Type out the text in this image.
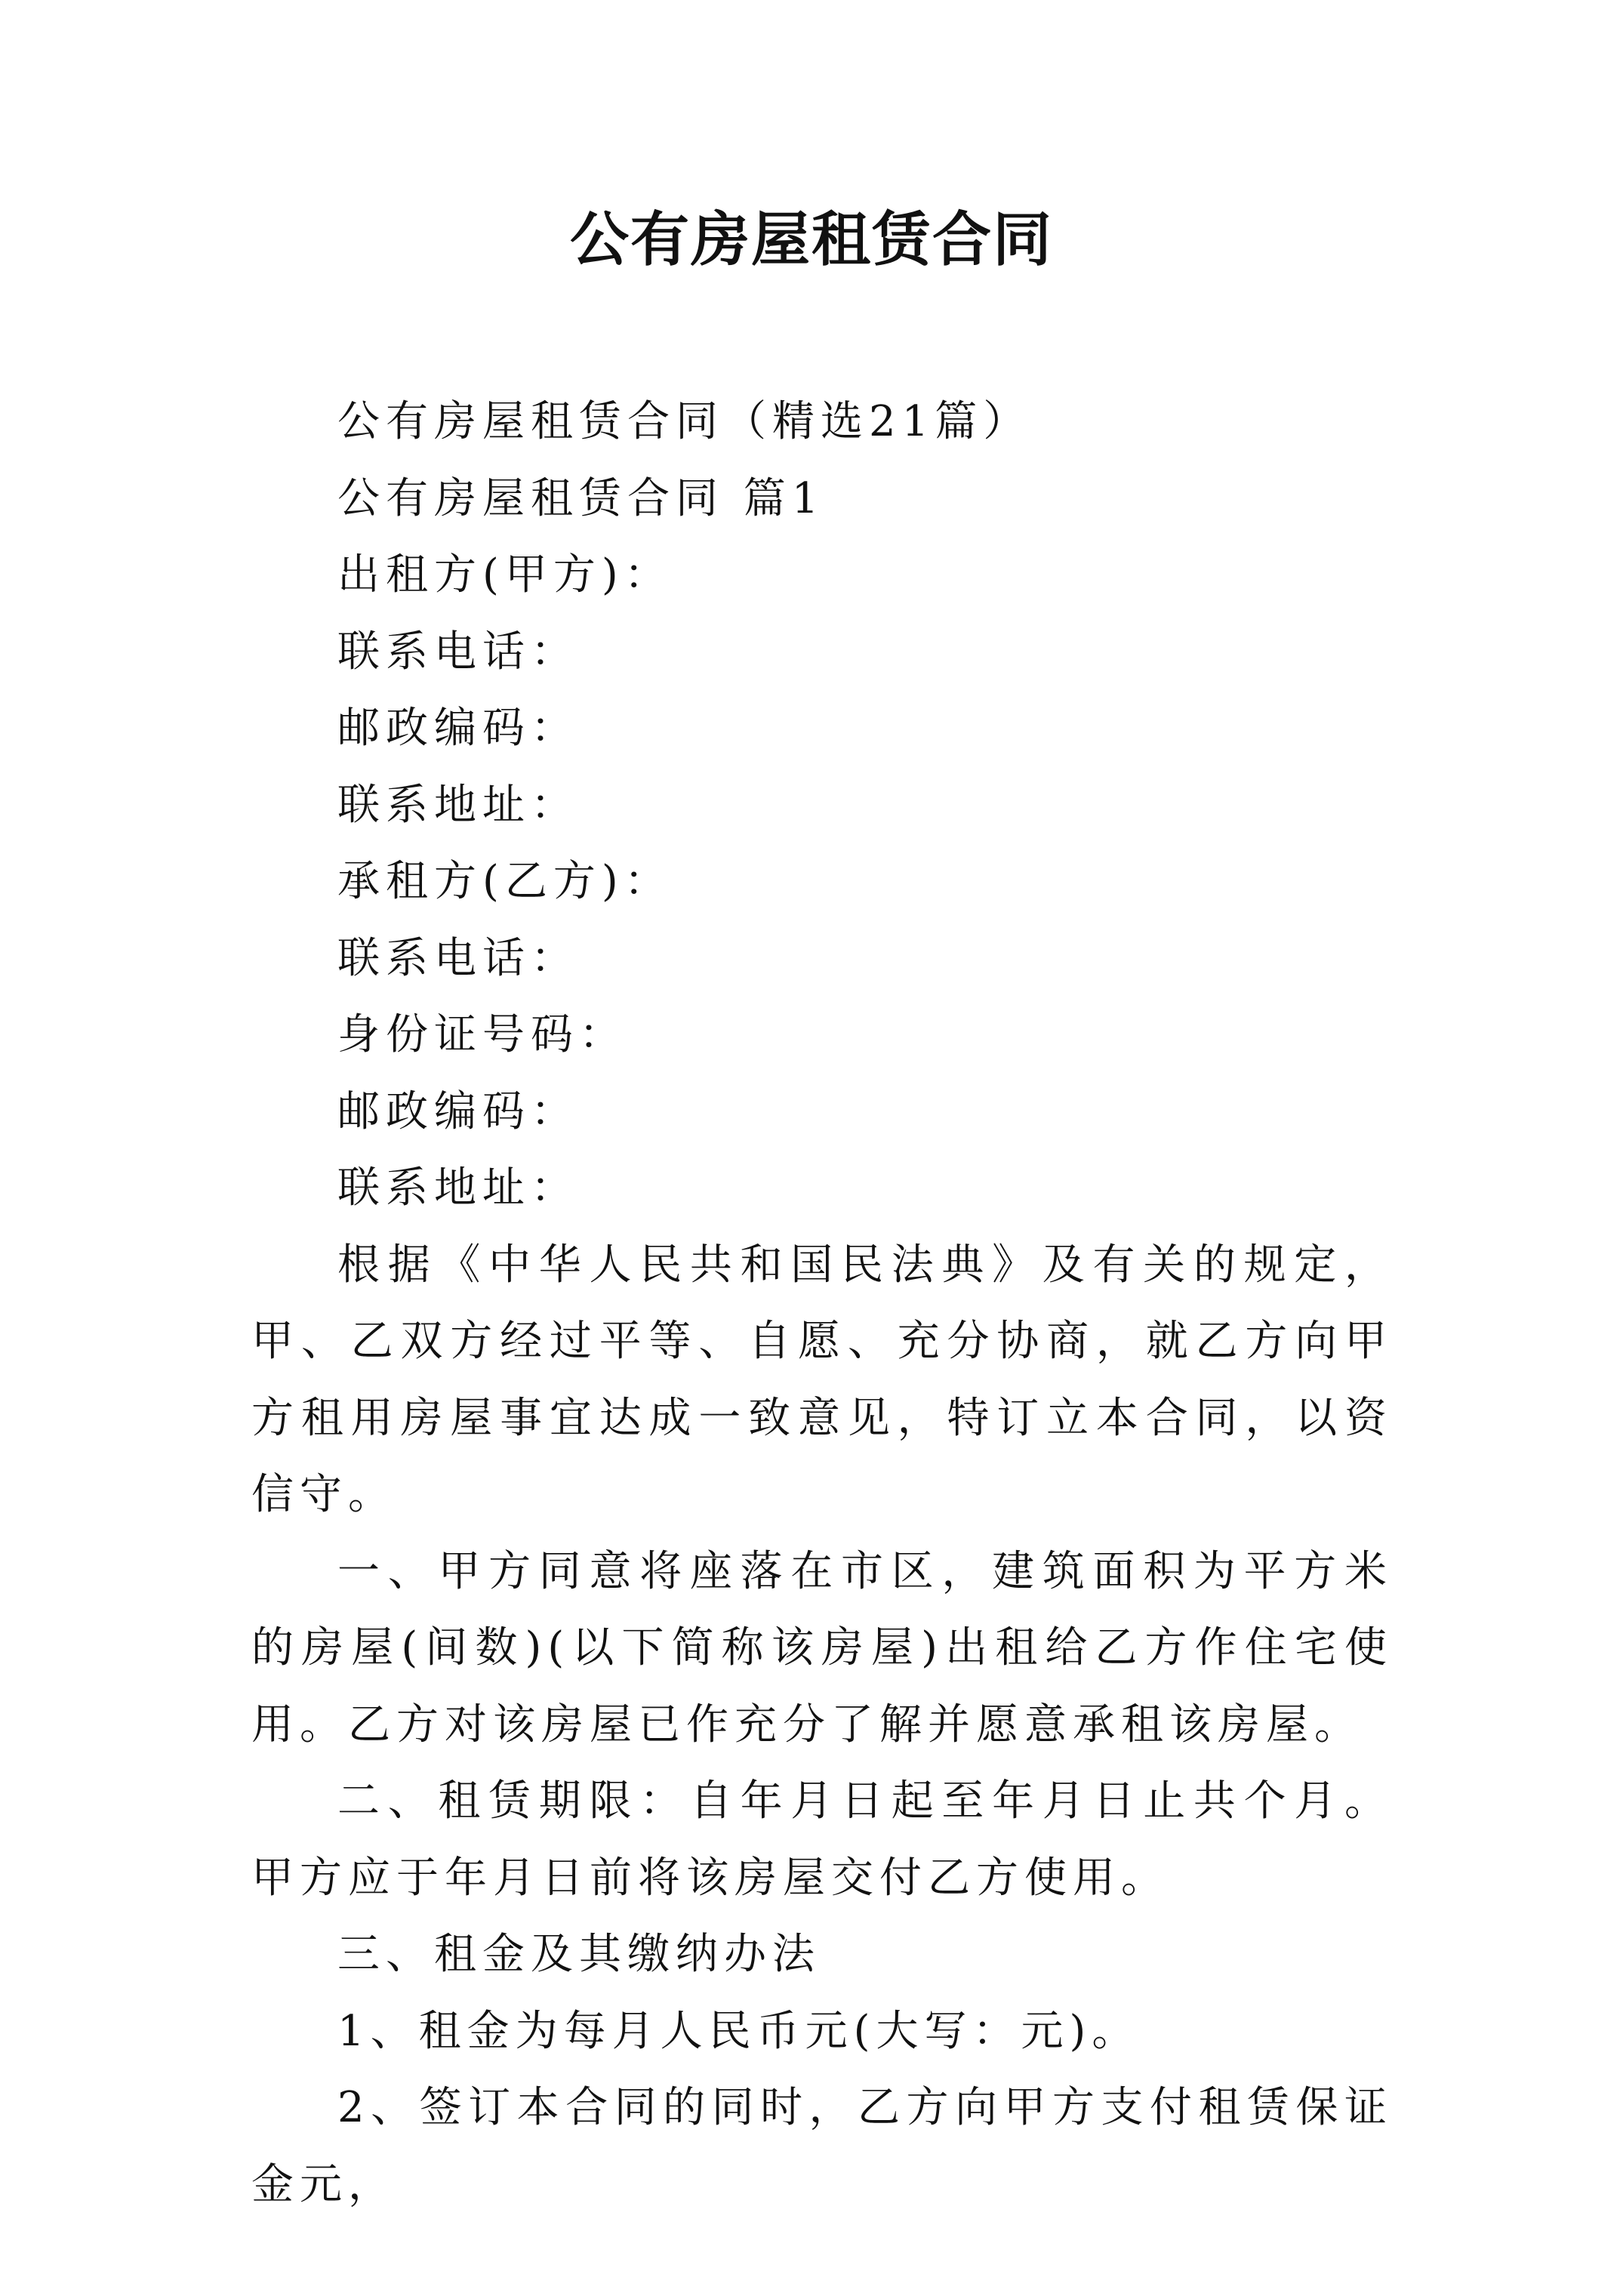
公有房屋租赁合同
公有房屋租赁合同（精选21篇）
公有房屋租赁合同 篇1
出租方(甲方)：
联系电话：
邮政编码：
联系地址：
承租方(乙方)：
联系电话：
身份证号码：
邮政编码：
联系地址：

根据《中华人民共和国民法典》及有关的规定，甲、乙双方经过平等、自愿、充分协商，就乙方向甲方租用房屋事宜达成一致意见，特订立本合同，以资信守。

一、甲方同意将座落在市区，建筑面积为平方米的房屋(间数)(以下简称该房屋)出租给乙方作住宅使用。乙方对该房屋已作充分了解并愿意承租该房屋。

二、租赁期限：自年月日起至年月日止共个月。甲方应于年月日前将该房屋交付乙方使用。

三、租金及其缴纳办法

1、租金为每月人民币元(大写：元)。

2、签订本合同的同时，乙方向甲方支付租赁保证金元，
